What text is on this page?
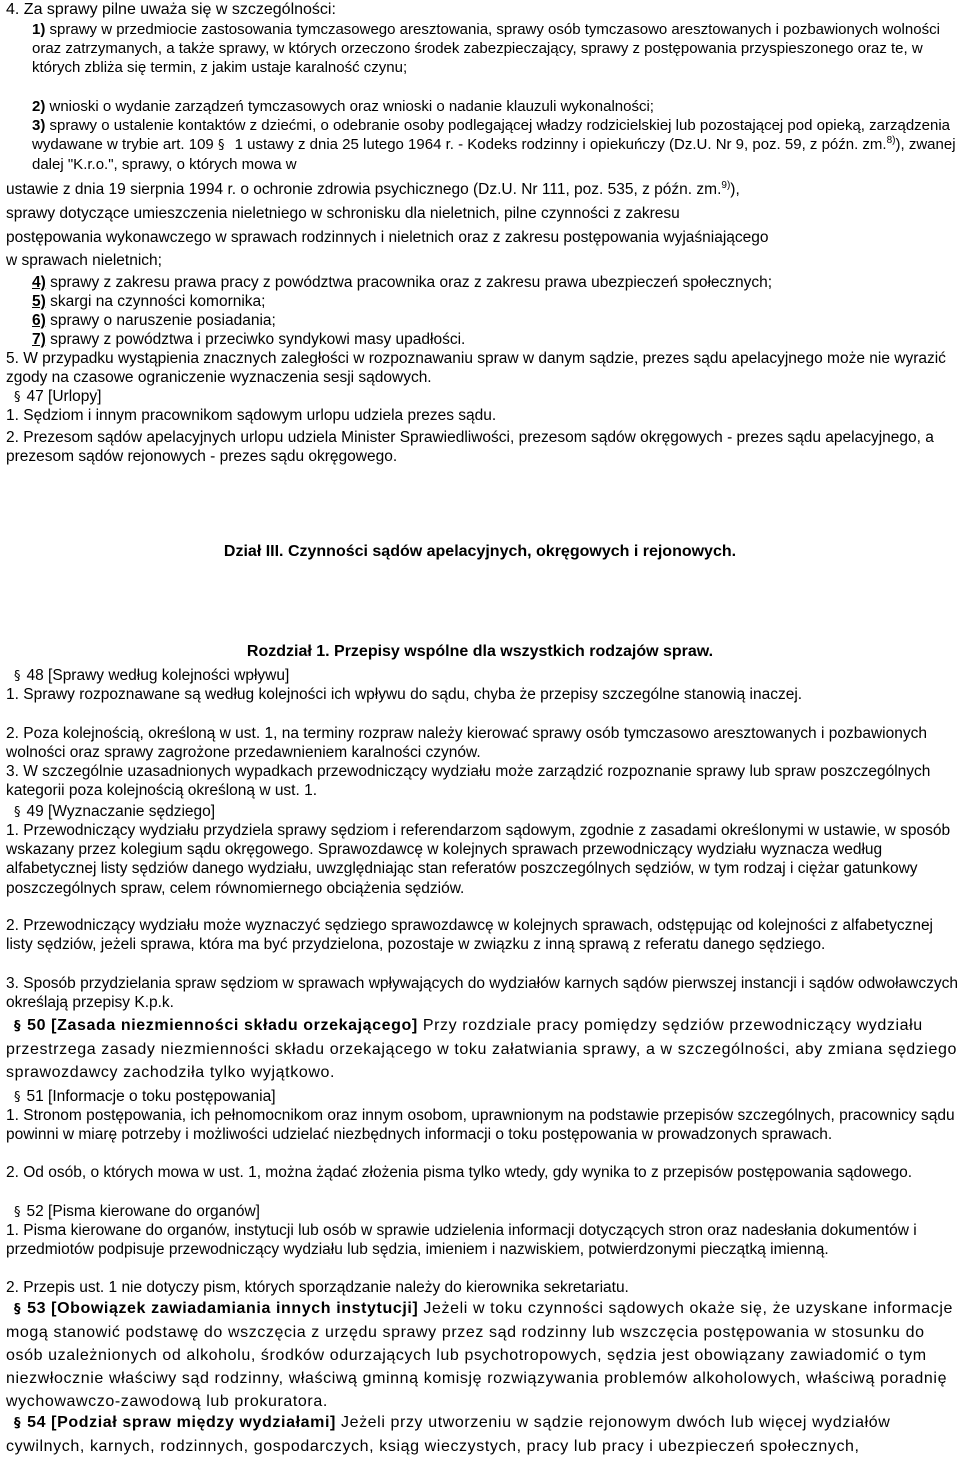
4. Za sprawy pilne uważa się w szczególności:

1) sprawy w przedmiocie zastosowania tymczasowego aresztowania, sprawy osób tymczasowo aresztowanych i pozbawionych wolności oraz zatrzymanych, a także sprawy, w których orzeczono środek zabezpieczający, sprawy z postępowania przyspieszonego oraz te, w których zbliża się termin, z jakim ustaje karalność czynu;
2) wnioski o wydanie zarządzeń tymczasowych oraz wnioski o nadanie klauzuli wykonalności;
3) sprawy o ustalenie kontaktów z dziećmi, o odebranie osoby podlegającej władzy rodzicielskiej lub pozostającej pod opieką, zarządzenia wydawane w trybie art. 109 § 1 ustawy z dnia 25 lutego 1964 r. - Kodeks rodzinny i opiekuńczy (Dz.U. Nr 9, poz. 59, z późn. zm.$^{8)}$), zwanej dalej "K.r.o.", sprawy, o których mowa w
ustawie z dnia 19 sierpnia 1994 r. o ochronie zdrowia psychicznego (Dz.U. Nr 111, poz. 535, z późn. zm.$^{9)}$),
sprawy dotyczące umieszczenia nieletniego w schronisku dla nieletnich, pilne czynności z zakresu
postępowania wykonawczego w sprawach rodzinnych i nieletnich oraz z zakresu postępowania wyjaśniającego
w sprawach nieletnich;
4) sprawy z zakresu prawa pracy z powództwa pracownika oraz z zakresu prawa ubezpieczeń społecznych;
5) skargi na czynności komornika;
6) sprawy o naruszenie posiadania;
7) sprawy z powództwa i przeciwko syndykowi masy upadłości.
5. W przypadku wystąpienia znacznych zaległości w rozpoznawaniu spraw w danym sądzie, prezes sądu apelacyjnego może nie wyrazić zgody na czasowe ograniczenie wyznaczenia sesji sądowych.
§ 47 [Urlopy]
1. Sędziom i innym pracownikom sądowym urlopu udziela prezes sądu.
2. Prezesom sądów apelacyjnych urlopu udziela Minister Sprawiedliwości, prezesom sądów okręgowych - prezes sądu apelacyjnego, a prezesom sądów rejonowych - prezes sądu okręgowego.
Dział III. Czynności sądów apelacyjnych, okręgowych i rejonowych.
Rozdział 1. Przepisy wspólne dla wszystkich rodzajów spraw.
§ 48 [Sprawy według kolejności wpływu]
1. Sprawy rozpoznawane są według kolejności ich wpływu do sądu, chyba że przepisy szczególne stanowią inaczej.
2. Poza kolejnością, określoną w ust. 1, na terminy rozpraw należy kierować sprawy osób tymczasowo aresztowanych i pozbawionych wolności oraz sprawy zagrożone przedawnieniem karalności czynów.
3. W szczególnie uzasadnionych wypadkach przewodniczący wydziału może zarządzić rozpoznanie sprawy lub spraw poszczególnych kategorii poza kolejnością określoną w ust. 1.
§ 49 [Wyznaczanie sędziego]
1. Przewodniczący wydziału przydziela sprawy sędziom i referendarzom sądowym, zgodnie z zasadami określonymi w ustawie, w sposób wskazany przez kolegium sądu okręgowego. Sprawozdawcę w kolejnych sprawach przewodniczący wydziału wyznacza według alfabetycznej listy sędziów danego wydziału, uwzględniając stan referatów poszczególnych sędziów, w tym rodzaj i ciężar gatunkowy poszczególnych spraw, celem równomiernego obciążenia sędziów.
2. Przewodniczący wydziału może wyznaczyć sędziego sprawozdawcę w kolejnych sprawach, odstępując od kolejności z alfabetycznej listy sędziów, jeżeli sprawa, która ma być przydzielona, pozostaje w związku z inną sprawą z referatu danego sędziego.
3. Sposób przydzielania spraw sędziom w sprawach wpływających do wydziałów karnych sądów pierwszej instancji i sądów odwoławczych określają przepisy K.p.k.
§ 50 [Zasada niezmienności składu orzekającego] Przy rozdziale pracy pomiędzy sędziów przewodniczący wydziału przestrzega zasady niezmienności składu orzekającego w toku załatwiania sprawy, a w szczególności, aby zmiana sędziego sprawozdawcy zachodziła tylko wyjątkowo.
§ 51 [Informacje o toku postępowania]
1. Stronom postępowania, ich pełnomocnikom oraz innym osobom, uprawnionym na podstawie przepisów szczególnych, pracownicy sądu powinni w miarę potrzeby i możliwości udzielać niezbędnych informacji o toku postępowania w prowadzonych sprawach.
2. Od osób, o których mowa w ust. 1, można żądać złożenia pisma tylko wtedy, gdy wynika to z przepisów postępowania sądowego.
§ 52 [Pisma kierowane do organów]
1. Pisma kierowane do organów, instytucji lub osób w sprawie udzielenia informacji dotyczących stron oraz nadesłania dokumentów i przedmiotów podpisuje przewodniczący wydziału lub sędzia, imieniem i nazwiskiem, potwierdzonymi pieczątką imienną.
2. Przepis ust. 1 nie dotyczy pism, których sporządzanie należy do kierownika sekretariatu.
§ 53 [Obowiązek zawiadamiania innych instytucji] Jeżeli w toku czynności sądowych okaże się, że uzyskane informacje mogą stanowić podstawę do wszczęcia z urzędu sprawy przez sąd rodzinny lub wszczęcia postępowania w stosunku do osób uzależnionych od alkoholu, środków odurzających lub psychotropowych, sędzia jest obowiązany zawiadomić o tym niezwłocznie właściwy sąd rodzinny, właściwą gminną komisję rozwiązywania problemów alkoholowych, właściwą poradnię wychowawczo-zawodową lub prokuratora.
§ 54 [Podział spraw między wydziałami] Jeżeli przy utworzeniu w sądzie rejonowym dwóch lub więcej wydziałów cywilnych, karnych, rodzinnych, gospodarczych, ksiąg wieczystych, pracy lub pracy i ubezpieczeń społecznych,
